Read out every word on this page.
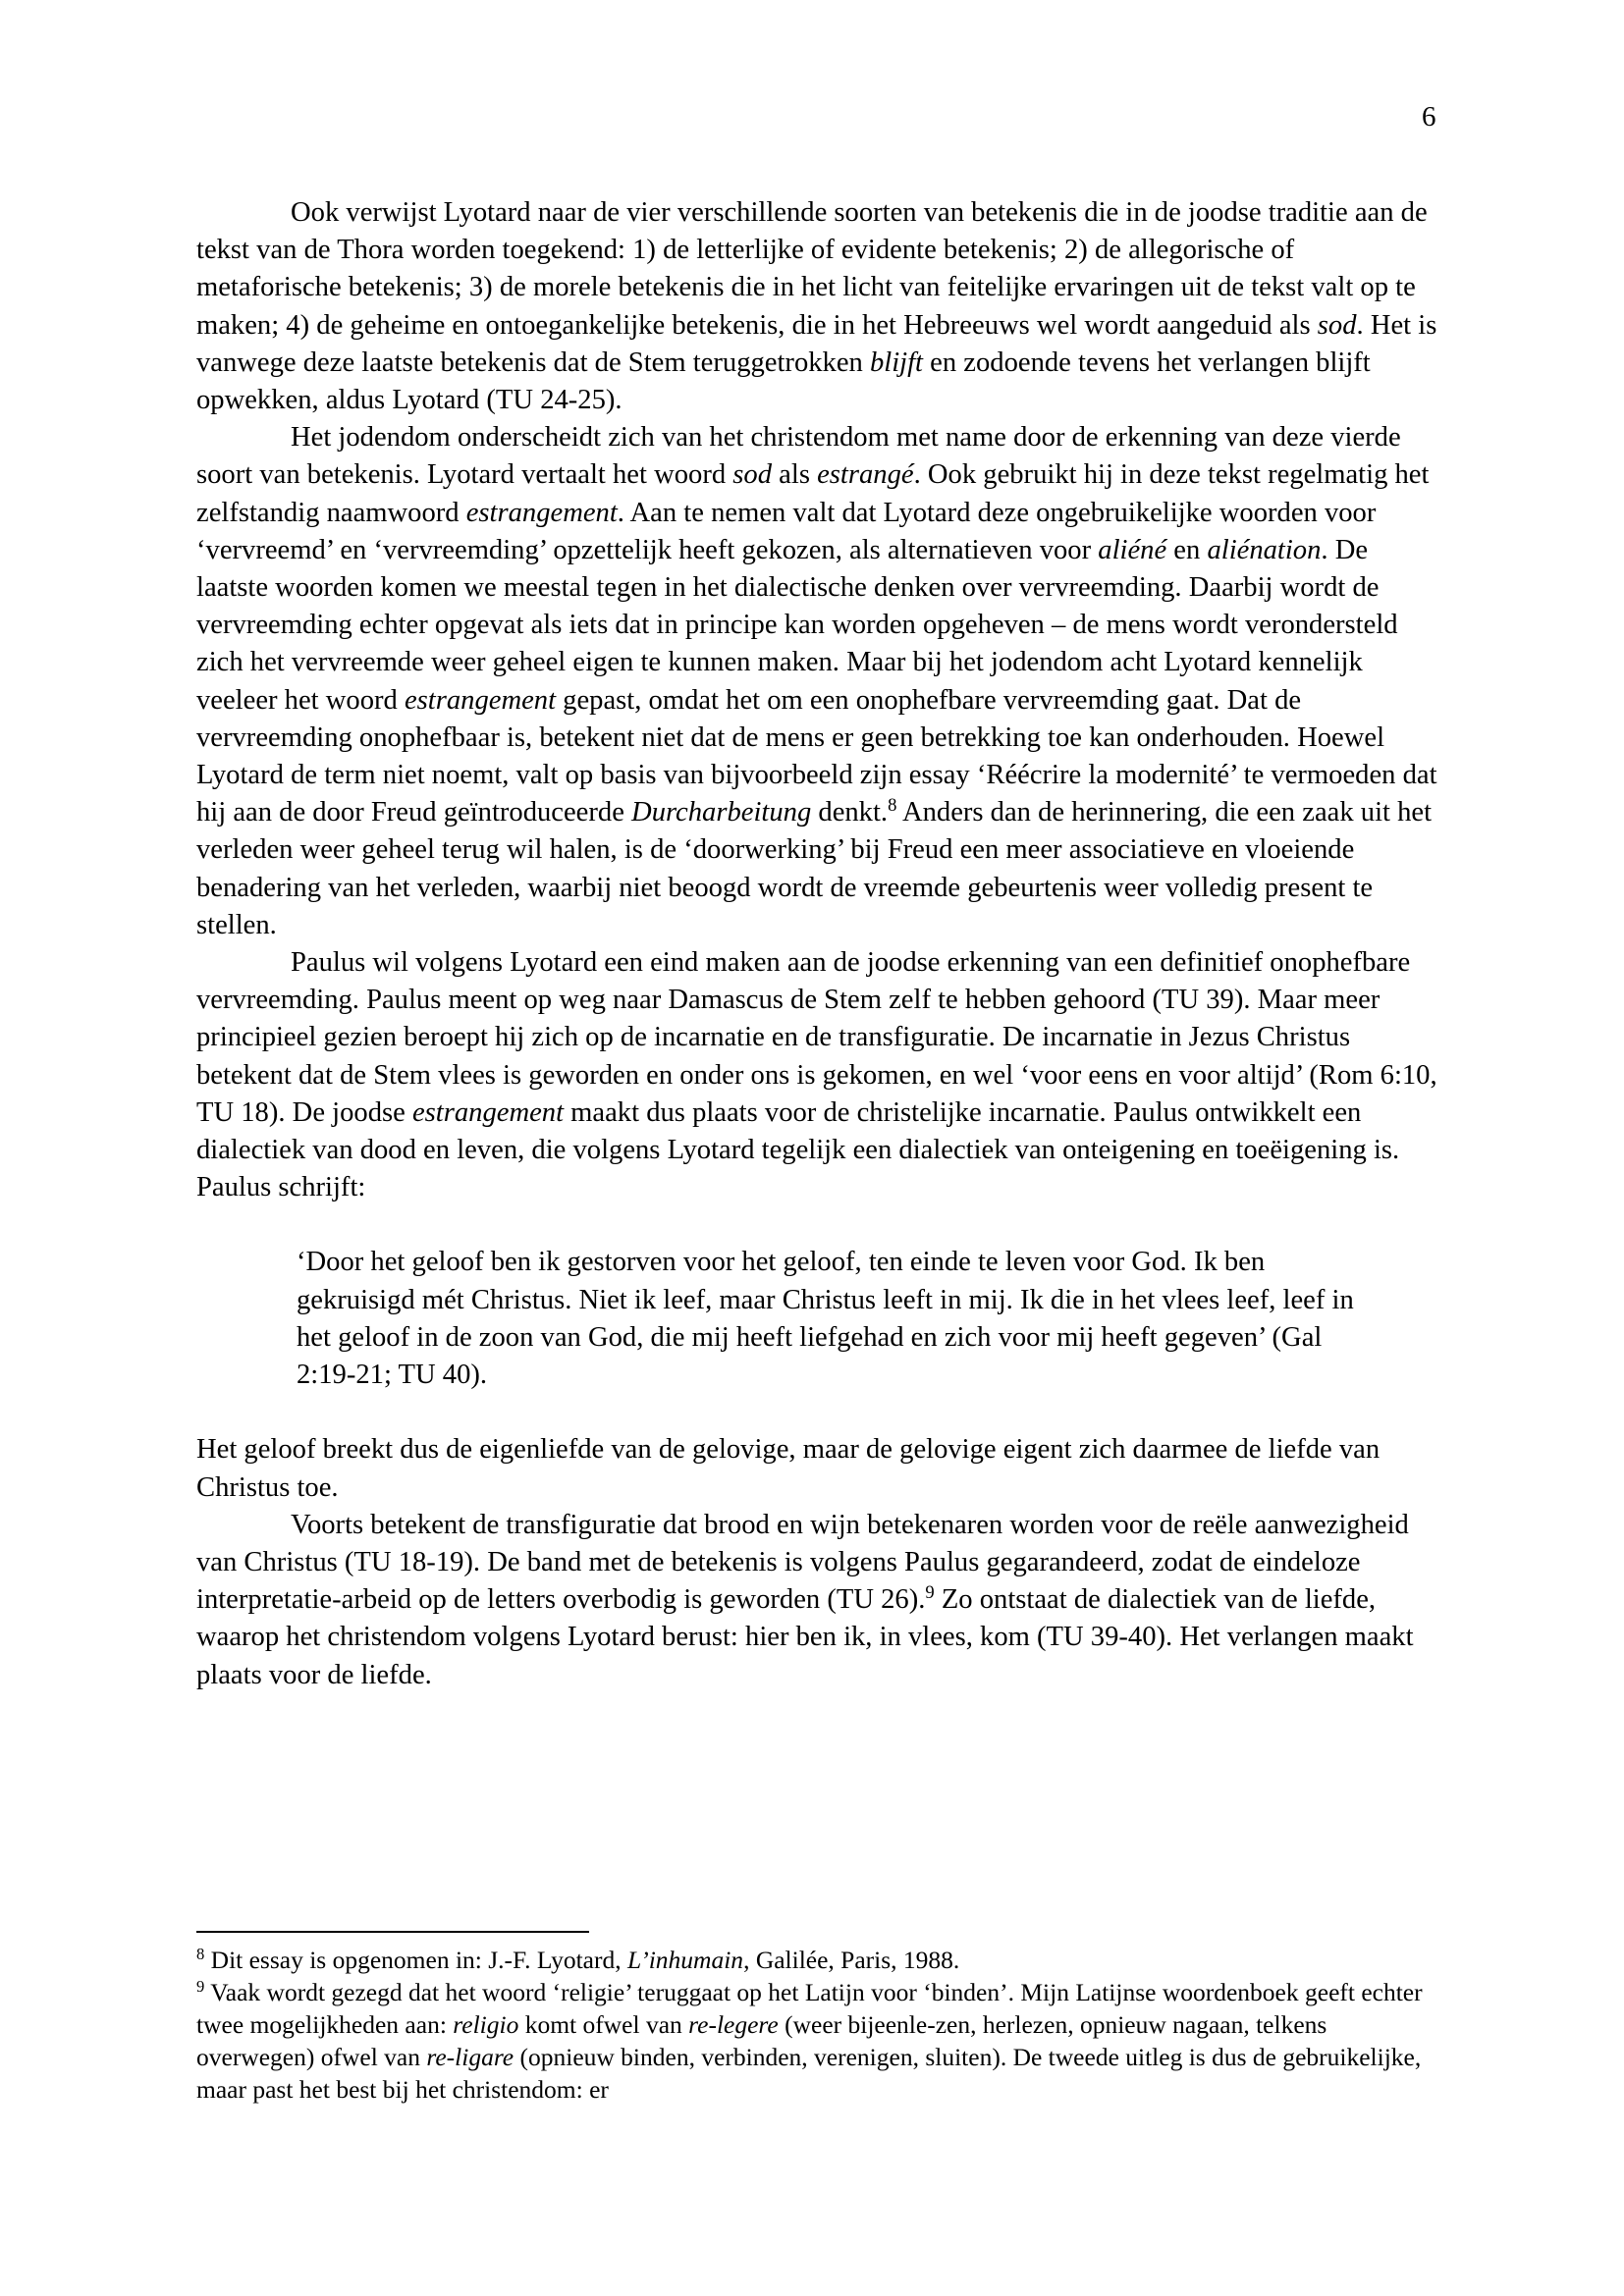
6

Ook verwijst Lyotard naar de vier verschillende soorten van betekenis die in de joodse traditie aan de tekst van de Thora worden toegekend: 1) de letterlijke of evidente betekenis; 2) de allegorische of metaforische betekenis; 3) de morele betekenis die in het licht van feitelijke ervaringen uit de tekst valt op te maken; 4) de geheime en ontoegankelijke betekenis, die in het Hebreeuws wel wordt aangeduid als sod. Het is vanwege deze laatste betekenis dat de Stem teruggetrokken blijft en zodoende tevens het verlangen blijft opwekken, aldus Lyotard (TU 24-25).

Het jodendom onderscheidt zich van het christendom met name door de erkenning van deze vierde soort van betekenis. Lyotard vertaalt het woord sod als estrangé. Ook gebruikt hij in deze tekst regelmatig het zelfstandig naamwoord estrangement. Aan te nemen valt dat Lyotard deze ongebruikelijke woorden voor ‘vervreemd’ en ‘vervreemding’ opzettelijk heeft gekozen, als alternatieven voor aliéné en aliénation. De laatste woorden komen we meestal tegen in het dialectische denken over vervreemding. Daarbij wordt de vervreemding echter opgevat als iets dat in principe kan worden opgeheven – de mens wordt verondersteld zich het vervreemde weer geheel eigen te kunnen maken. Maar bij het jodendom acht Lyotard kennelijk veeleer het woord estrangement gepast, omdat het om een onophefbare vervreemding gaat. Dat de vervreemding onophefbaar is, betekent niet dat de mens er geen betrekking toe kan onderhouden. Hoewel Lyotard de term niet noemt, valt op basis van bijvoorbeeld zijn essay ‘Réécrire la modernité’ te vermoeden dat hij aan de door Freud geïntroduceerde Durcharbeitung denkt.$^8$ Anders dan de herinnering, die een zaak uit het verleden weer geheel terug wil halen, is de ‘doorwerking’ bij Freud een meer associatieve en vloeiende benadering van het verleden, waarbij niet beoogd wordt de vreemde gebeurtenis weer volledig present te stellen.

Paulus wil volgens Lyotard een eind maken aan de joodse erkenning van een definitief onophefbare vervreemding. Paulus meent op weg naar Damascus de Stem zelf te hebben gehoord (TU 39). Maar meer principieel gezien beroept hij zich op de incarnatie en de transfiguratie. De incarnatie in Jezus Christus betekent dat de Stem vlees is geworden en onder ons is gekomen, en wel ‘voor eens en voor altijd’ (Rom 6:10, TU 18). De joodse estrangement maakt dus plaats voor de christelijke incarnatie. Paulus ontwikkelt een dialectiek van dood en leven, die volgens Lyotard tegelijk een dialectiek van onteigening en toeëigening is. Paulus schrijft:

‘Door het geloof ben ik gestorven voor het geloof, ten einde te leven voor God. Ik ben gekruisigd mét Christus. Niet ik leef, maar Christus leeft in mij. Ik die in het vlees leef, leef in het geloof in de zoon van God, die mij heeft liefgehad en zich voor mij heeft gegeven’ (Gal 2:19-21; TU 40).

Het geloof breekt dus de eigenliefde van de gelovige, maar de gelovige eigent zich daarmee de liefde van Christus toe.

Voorts betekent de transfiguratie dat brood en wijn betekenaren worden voor de reële aanwezigheid van Christus (TU 18-19). De band met de betekenis is volgens Paulus gegarandeerd, zodat de eindeloze interpretatie-arbeid op de letters overbodig is geworden (TU 26).$^9$ Zo ontstaat de dialectiek van de liefde, waarop het christendom volgens Lyotard berust: hier ben ik, in vlees, kom (TU 39-40). Het verlangen maakt plaats voor de liefde.

$^8$ Dit essay is opgenomen in: J.-F. Lyotard, L’inhumain, Galilée, Paris, 1988.

$^9$ Vaak wordt gezegd dat het woord ‘religie’ teruggaat op het Latijn voor ‘binden’. Mijn Latijnse woordenboek geeft echter twee mogelijkheden aan: religio komt ofwel van re-legere (weer bijeenle-zen, herlezen, opnieuw nagaan, telkens overwegen) ofwel van re-ligare (opnieuw binden, verbinden, verenigen, sluiten). De tweede uitleg is dus de gebruikelijke, maar past het best bij het christendom: er
